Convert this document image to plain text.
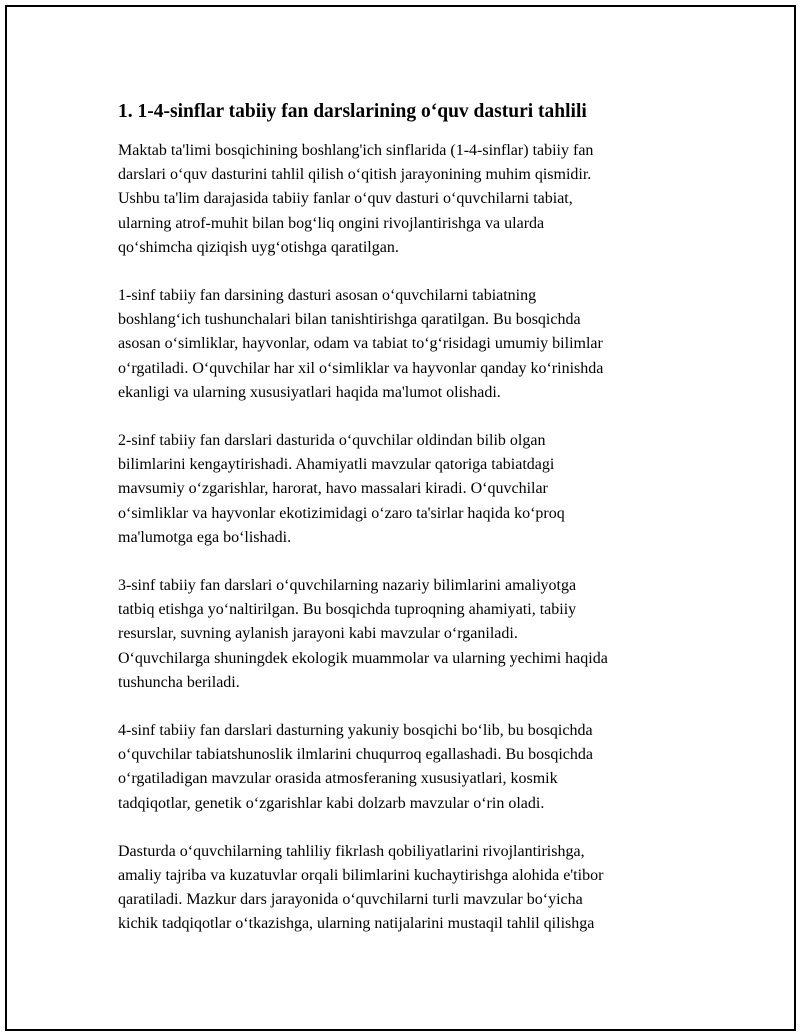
1. 1-4-sinflar tabiiy fan darslarining o‘quv dasturi tahlili

Maktab ta'limi bosqichining boshlang'ich sinflarida (1-4-sinflar) tabiiy fan
darslari o‘quv dasturini tahlil qilish o‘qitish jarayonining muhim qismidir.
Ushbu ta'lim darajasida tabiiy fanlar o‘quv dasturi o‘quvchilarni tabiat,
ularning atrof-muhit bilan bog‘liq ongini rivojlantirishga va ularda
qo‘shimcha qiziqish uyg‘otishga qaratilgan.

1-sinf tabiiy fan darsining dasturi asosan o‘quvchilarni tabiatning
boshlang‘ich tushunchalari bilan tanishtirishga qaratilgan. Bu bosqichda
asosan o‘simliklar, hayvonlar, odam va tabiat to‘g‘risidagi umumiy bilimlar
o‘rgatiladi. O‘quvchilar har xil o‘simliklar va hayvonlar qanday ko‘rinishda
ekanligi va ularning xususiyatlari haqida ma'lumot olishadi.

2-sinf tabiiy fan darslari dasturida o‘quvchilar oldindan bilib olgan
bilimlarini kengaytirishadi. Ahamiyatli mavzular qatoriga tabiatdagi
mavsumiy o‘zgarishlar, harorat, havo massalari kiradi. O‘quvchilar
o‘simliklar va hayvonlar ekotizimidagi o‘zaro ta'sirlar haqida ko‘proq
ma'lumotga ega bo‘lishadi.

3-sinf tabiiy fan darslari o‘quvchilarning nazariy bilimlarini amaliyotga
tatbiq etishga yo‘naltirilgan. Bu bosqichda tuproqning ahamiyati, tabiiy
resurslar, suvning aylanish jarayoni kabi mavzular o‘rganiladi.
O‘quvchilarga shuningdek ekologik muammolar va ularning yechimi haqida
tushuncha beriladi.

4-sinf tabiiy fan darslari dasturning yakuniy bosqichi bo‘lib, bu bosqichda
o‘quvchilar tabiatshunoslik ilmlarini chuqurroq egallashadi. Bu bosqichda
o‘rgatiladigan mavzular orasida atmosferaning xususiyatlari, kosmik
tadqiqotlar, genetik o‘zgarishlar kabi dolzarb mavzular o‘rin oladi.

Dasturda o‘quvchilarning tahliliy fikrlash qobiliyatlarini rivojlantirishga,
amaliy tajriba va kuzatuvlar orqali bilimlarini kuchaytirishga alohida e'tibor
qaratiladi. Mazkur dars jarayonida o‘quvchilarni turli mavzular bo‘yicha
kichik tadqiqotlar o‘tkazishga, ularning natijalarini mustaqil tahlil qilishga
